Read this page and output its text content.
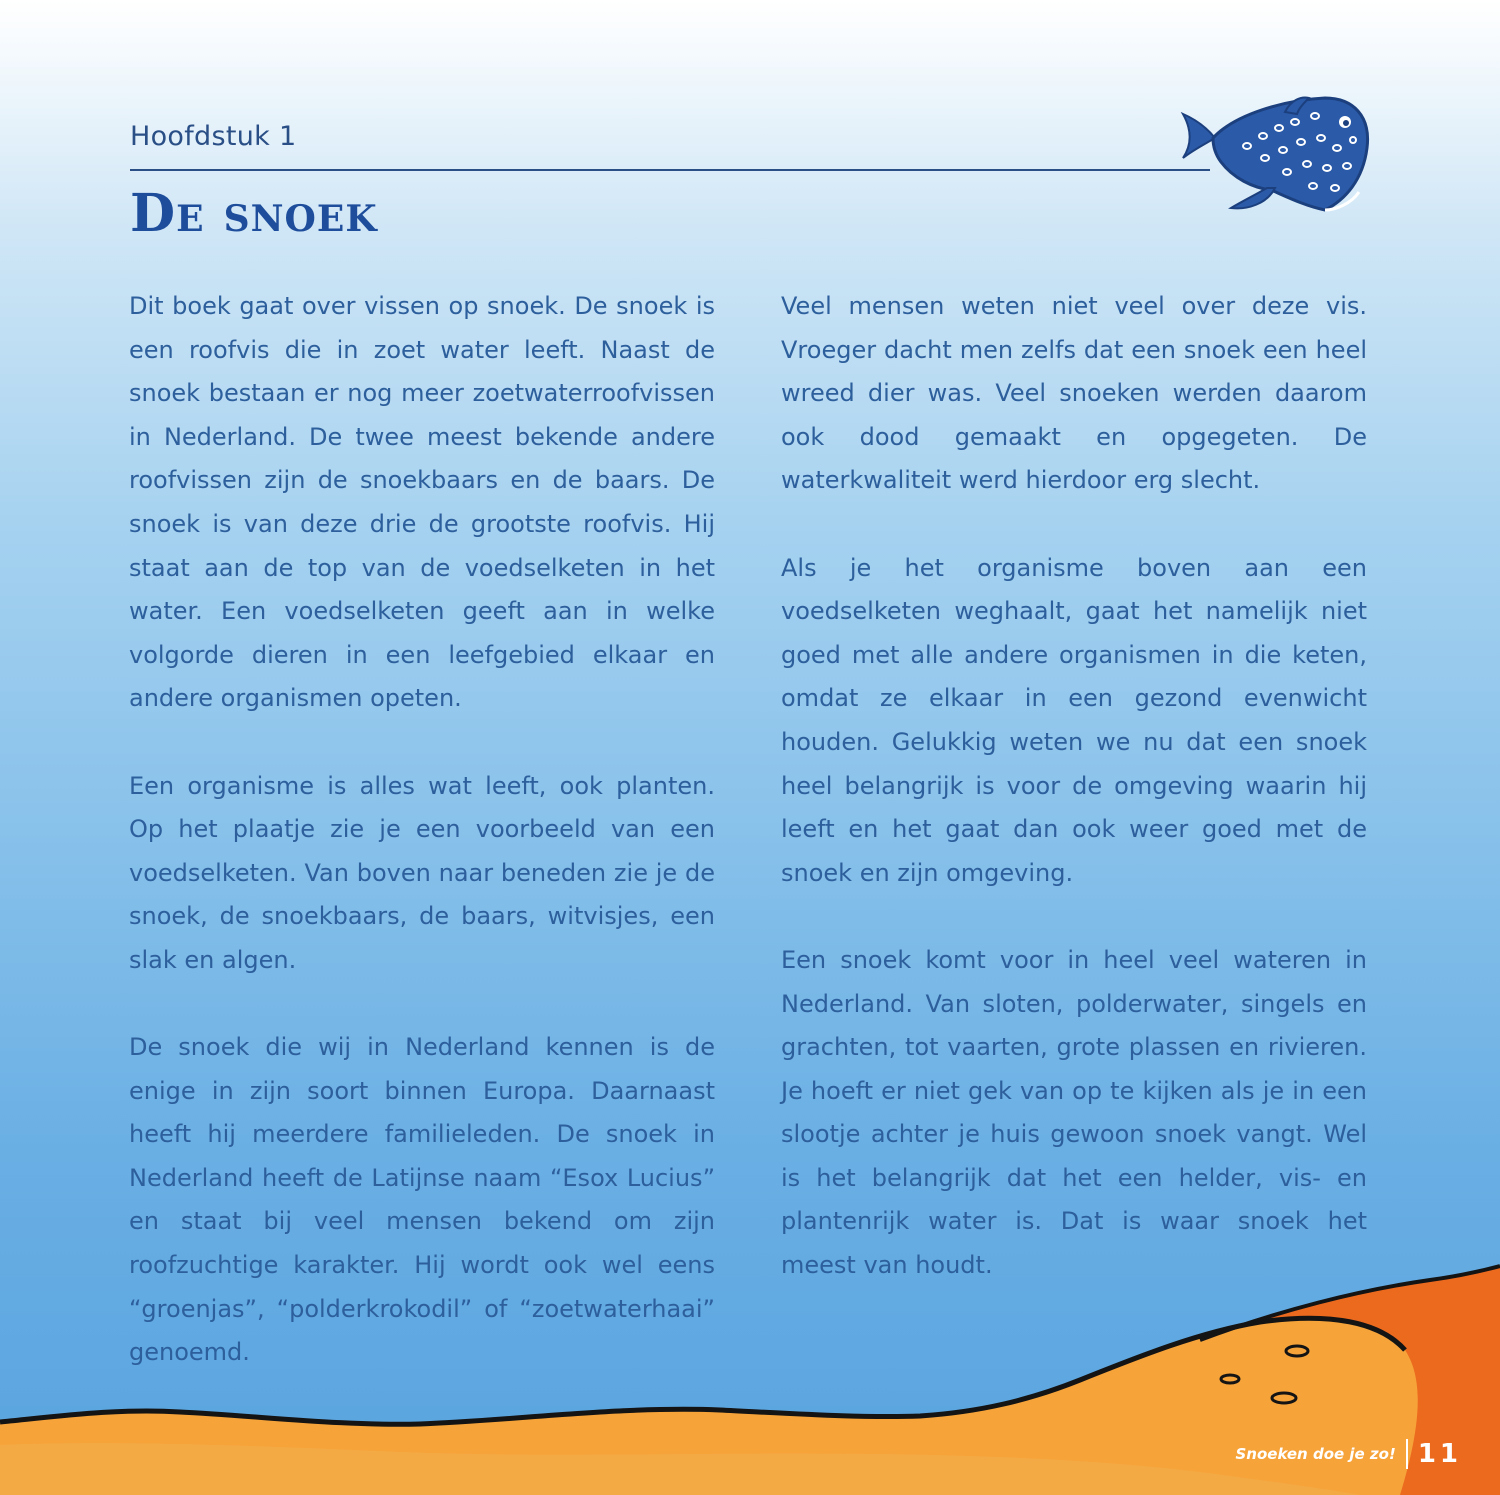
Hoofdstuk 1
De snoek

Dit boek gaat over vissen op snoek. De snoek is een roofvis die in zoet water leeft. Naast de snoek bestaan er nog meer zoetwaterroofvissen in Nederland. De twee meest bekende andere roofvissen zijn de snoekbaars en de baars. De snoek is van deze drie de grootste roofvis. Hij staat aan de top van de voedselketen in het water. Een voedselketen geeft aan in welke volgorde dieren in een leefgebied elkaar en andere organismen opeten.

Een organisme is alles wat leeft, ook planten. Op het plaatje zie je een voorbeeld van een voedselketen. Van boven naar beneden zie je de snoek, de snoekbaars, de baars, witvisjes, een slak en algen.

De snoek die wij in Nederland kennen is de enige in zijn soort binnen Europa. Daarnaast heeft hij meerdere familieleden. De snoek in Nederland heeft de Latijnse naam “Esox Lucius” en staat bij veel mensen bekend om zijn roofzuchtige karakter. Hij wordt ook wel eens “groenjas”, “polderkrokodil” of “zoetwaterhaai” genoemd.

Veel mensen weten niet veel over deze vis. Vroeger dacht men zelfs dat een snoek een heel wreed dier was. Veel snoeken werden daarom ook dood gemaakt en opgegeten. De waterkwaliteit werd hierdoor erg slecht.

Als je het organisme boven aan een voedselketen weghaalt, gaat het namelijk niet goed met alle andere organismen in die keten, omdat ze elkaar in een gezond evenwicht houden. Gelukkig weten we nu dat een snoek heel belangrijk is voor de omgeving waarin hij leeft en het gaat dan ook weer goed met de snoek en zijn omgeving.

Een snoek komt voor in heel veel wateren in Nederland. Van sloten, polderwater, singels en grachten, tot vaarten, grote plassen en rivieren. Je hoeft er niet gek van op te kijken als je in een slootje achter je huis gewoon snoek vangt. Wel is het belangrijk dat het een helder, vis- en plantenrijk water is. Dat is waar snoek het meest van houdt.

Snoeken doe je zo! 11
